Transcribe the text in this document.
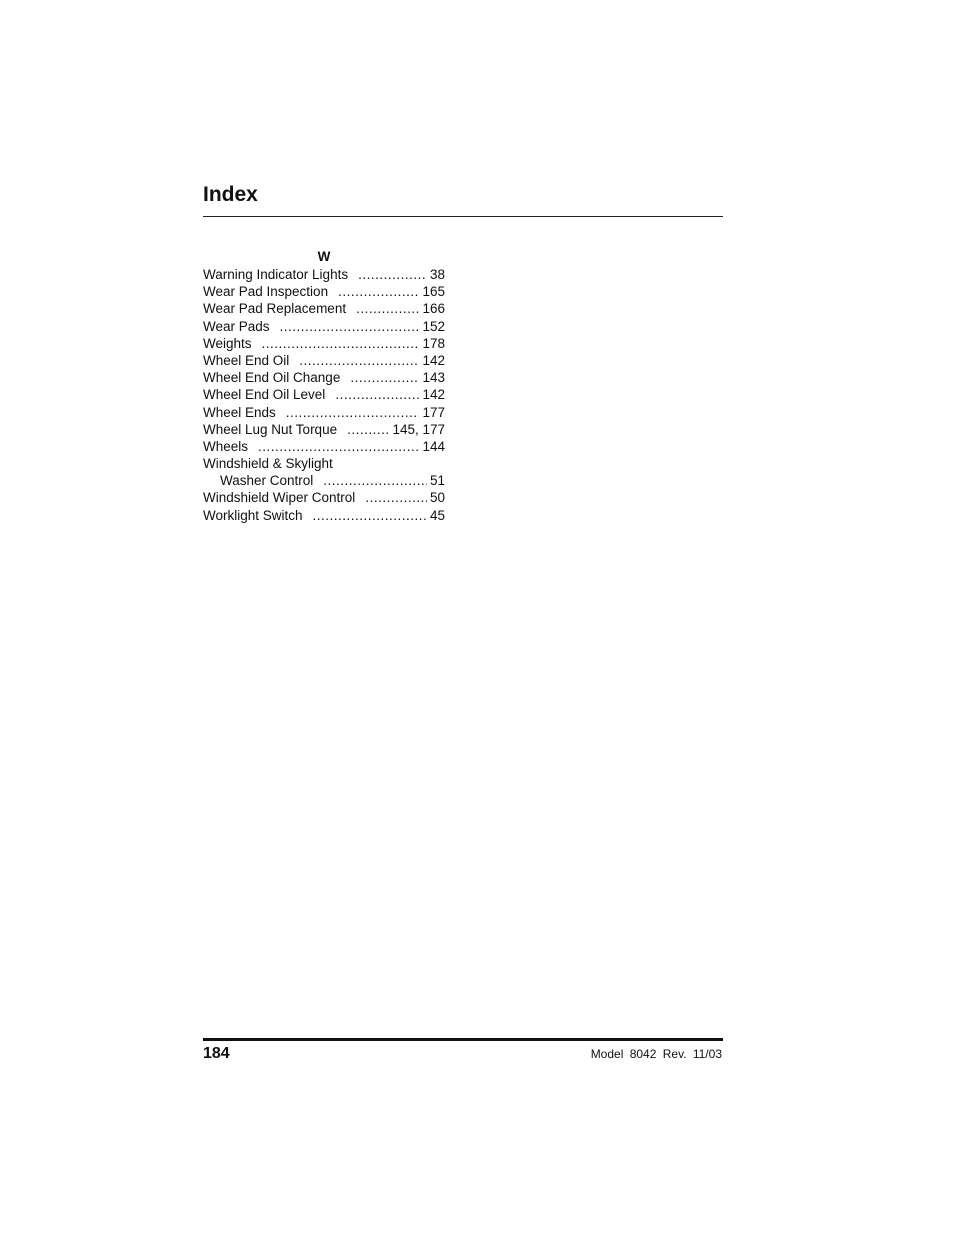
Index
W
Warning Indicator Lights .....	38
Wear Pad Inspection .....	165
Wear Pad Replacement .....	166
Wear Pads .....	152
Weights .....	178
Wheel End Oil .....	142
Wheel End Oil Change .....	143
Wheel End Oil Level .....	142
Wheel Ends .....	177
Wheel Lug Nut Torque .....	145, 177
Wheels .....	144
Windshield & Skylight
Washer Control .....	51
Windshield Wiper Control .....	50
Worklight Switch .....	45
184	Model 8042 Rev. 11/03
